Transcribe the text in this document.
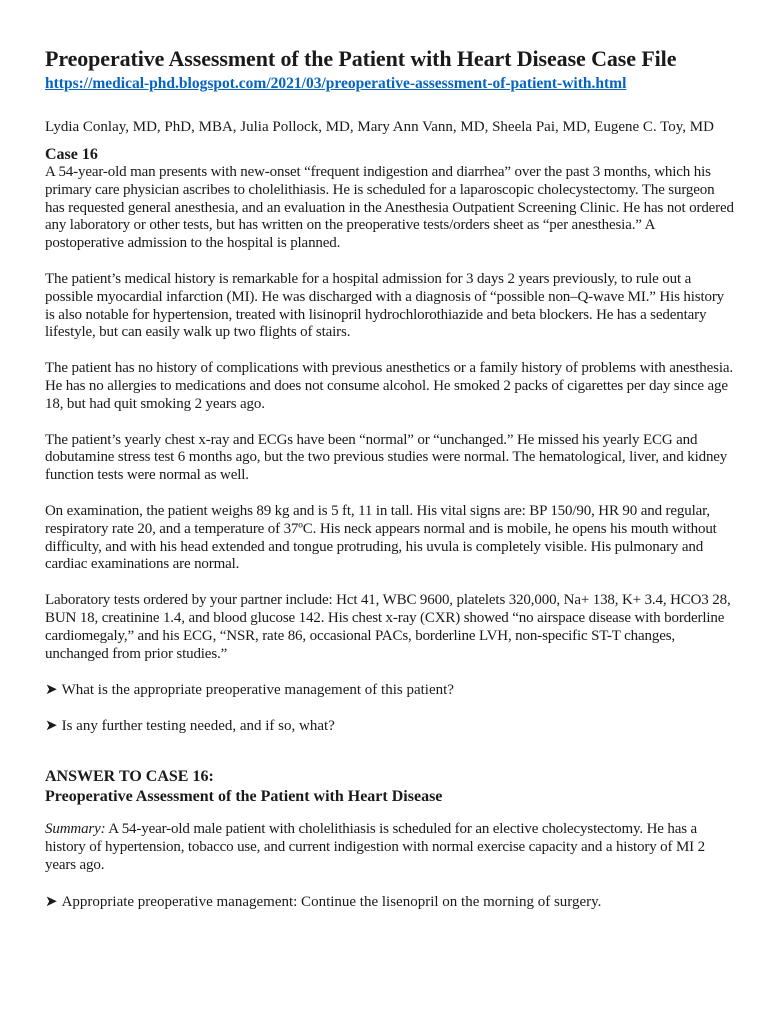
Preoperative Assessment of the Patient with Heart Disease Case File
https://medical-phd.blogspot.com/2021/03/preoperative-assessment-of-patient-with.html

Lydia Conlay, MD, PhD, MBA, Julia Pollock, MD, Mary Ann Vann, MD, Sheela Pai, MD, Eugene C. Toy, MD

Case 16

A 54-year-old man presents with new-onset “frequent indigestion and diarrhea” over the past 3 months, which his primary care physician ascribes to cholelithiasis. He is scheduled for a laparoscopic cholecystectomy. The surgeon has requested general anesthesia, and an evaluation in the Anesthesia Outpatient Screening Clinic. He has not ordered any laboratory or other tests, but has written on the preoperative tests/orders sheet as “per anesthesia.” A postoperative admission to the hospital is planned.

The patient’s medical history is remarkable for a hospital admission for 3 days 2 years previously, to rule out a possible myocardial infarction (MI). He was discharged with a diagnosis of “possible non–Q-wave MI.” His history is also notable for hypertension, treated with lisinopril hydrochlorothiazide and beta blockers. He has a sedentary lifestyle, but can easily walk up two flights of stairs.

The patient has no history of complications with previous anesthetics or a family history of problems with anesthesia. He has no allergies to medications and does not consume alcohol. He smoked 2 packs of cigarettes per day since age 18, but had quit smoking 2 years ago.

The patient’s yearly chest x-ray and ECGs have been “normal” or “unchanged.” He missed his yearly ECG and dobutamine stress test 6 months ago, but the two previous studies were normal. The hematological, liver, and kidney function tests were normal as well.

On examination, the patient weighs 89 kg and is 5 ft, 11 in tall. His vital signs are: BP 150/90, HR 90 and regular, respiratory rate 20, and a temperature of 37ºC. His neck appears normal and is mobile, he opens his mouth without difficulty, and with his head extended and tongue protruding, his uvula is completely visible. His pulmonary and cardiac examinations are normal.

Laboratory tests ordered by your partner include: Hct 41, WBC 9600, platelets 320,000, Na+ 138, K+ 3.4, HCO3 28, BUN 18, creatinine 1.4, and blood glucose 142. His chest x-ray (CXR) showed “no airspace disease with borderline cardiomegaly,” and his ECG, “NSR, rate 86, occasional PACs, borderline LVH, non-specific ST-T changes, unchanged from prior studies.”

➤ What is the appropriate preoperative management of this patient?

➤ Is any further testing needed, and if so, what?

ANSWER TO CASE 16:
Preoperative Assessment of the Patient with Heart Disease

Summary: A 54-year-old male patient with cholelithiasis is scheduled for an elective cholecystectomy. He has a history of hypertension, tobacco use, and current indigestion with normal exercise capacity and a history of MI 2 years ago.

➤ Appropriate preoperative management: Continue the lisenopril on the morning of surgery.
